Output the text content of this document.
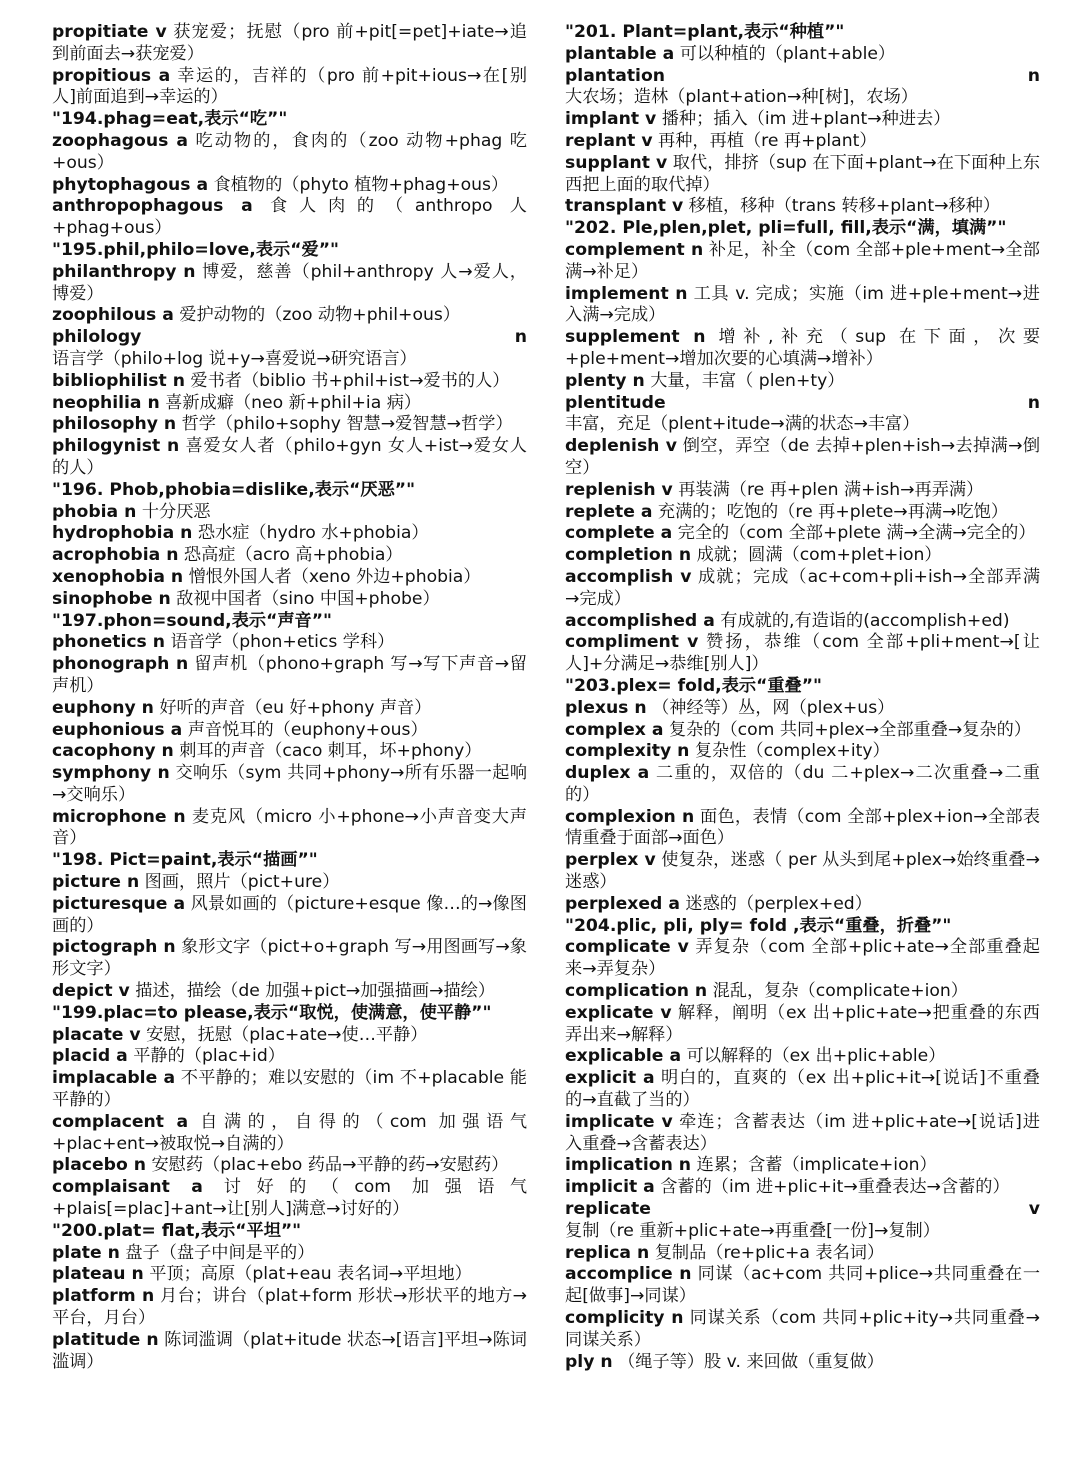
propitiate v 获宠爱；抚慰（pro 前+pit[=pet]+iate→追到前面去→获宠爱）

propitious a 幸运的，吉祥的（pro 前+pit+ious→在[别人]前面追到→幸运的）

"194.phag=eat,表示“吃”"

zoophagous a 吃动物的，食肉的（zoo 动物+phag 吃+ous）

phytophagous a 食植物的（phyto 植物+phag+ous）

anthropophagous a 食人肉的（anthropo 人+phag+ous）

"195.phil,philo=love,表示“爱”"

philanthropy n 博爱，慈善（phil+anthropy 人→爱人，博爱）

zoophilous a 爱护动物的（zoo 动物+phil+ous）

philology n 语言学（philo+log 说+y→喜爱说→研究语言）

bibliophilist n 爱书者（biblio 书+phil+ist→爱书的人）

neophilia n 喜新成癖（neo 新+phil+ia 病）

philosophy n 哲学（philo+sophy 智慧→爱智慧→哲学）

philogynist n 喜爱女人者（philo+gyn 女人+ist→爱女人的人）

"196. Phob,phobia=dislike,表示“厌恶”"

phobia n 十分厌恶

hydrophobia n 恐水症（hydro 水+phobia）

acrophobia n 恐高症（acro 高+phobia）

xenophobia n 憎恨外国人者（xeno 外边+phobia）

sinophobe n 敌视中国者（sino 中国+phobe）

"197.phon=sound,表示“声音”"

phonetics n 语音学（phon+etics 学科）

phonograph n 留声机（phono+graph 写→写下声音→留声机）

euphony n 好听的声音（eu 好+phony 声音）

euphonious a 声音悦耳的（euphony+ous）

cacophony n 刺耳的声音（caco 刺耳，坏+phony）

symphony n 交响乐（sym 共同+phony→所有乐器一起响→交响乐）

microphone n 麦克风（micro 小+phone→小声音变大声音）

"198. Pict=paint,表示“描画”"

picture n 图画，照片（pict+ure）

picturesque a 风景如画的（picture+esque 像…的→像图画的）

pictograph n 象形文字（pict+o+graph 写→用图画写→象形文字）

depict v 描述，描绘（de 加强+pict→加强描画→描绘）

"199.plac=to please,表示“取悦，使满意，使平静”"

placate v 安慰，抚慰（plac+ate→使…平静）

placid a 平静的（plac+id）

implacable a 不平静的；难以安慰的（im 不+placable 能平静的）

complacent a 自满的，自得的（com 加强语气+plac+ent→被取悦→自满的）

placebo n 安慰药（plac+ebo 药品→平静的药→安慰药）

complaisant a 讨好的（com 加强语气+plais[=plac]+ant→让[别人]满意→讨好的）

"200.plat= flat,表示“平坦”"

plate n 盘子（盘子中间是平的）

plateau n 平顶；高原（plat+eau 表名词→平坦地）

platform n 月台；讲台（plat+form 形状→形状平的地方→平台，月台）

platitude n 陈词滥调（plat+itude 状态→[语言]平坦→陈词滥调）

"201. Plant=plant,表示“种植”"

plantable a 可以种植的（plant+able）

plantation n 大农场；造林（plant+ation→种[树]，农场）

implant v 播种；插入（im 进+plant→种进去）

replant v 再种，再植（re 再+plant）

supplant v 取代，排挤（sup 在下面+plant→在下面种上东西把上面的取代掉）

transplant v 移植，移种（trans 转移+plant→移种）

"202. Ple,plen,plet, pli=full, fill,表示“满，填满”"

complement n 补足，补全（com 全部+ple+ment→全部满→补足）

implement n 工具 v. 完成；实施（im 进+ple+ment→进入满→完成）

supplement n 增补,补充（sup 在下面，次要+ple+ment→增加次要的心填满→增补）

plenty n 大量，丰富（ plen+ty）

plentitude n 丰富，充足（plent+itude→满的状态→丰富）

deplenish v 倒空，弄空（de 去掉+plen+ish→去掉满→倒空）

replenish v 再装满（re 再+plen 满+ish→再弄满）

replete a 充满的；吃饱的（re 再+plete→再满→吃饱）

complete a 完全的（com 全部+plete 满→全满→完全的）

completion n 成就；圆满（com+plet+ion）

accomplish v 成就；完成（ac+com+pli+ish→全部弄满→完成）

accomplished a 有成就的,有造诣的(accomplish+ed)

compliment v 赞扬，恭维（com 全部+pli+ment→[让人]+分满足→恭维[别人]）

"203.plex= fold,表示“重叠”"

plexus n （神经等）丛，网（plex+us）

complex a 复杂的（com 共同+plex→全部重叠→复杂的）

complexity n 复杂性（complex+ity）

duplex a 二重的，双倍的（du 二+plex→二次重叠→二重的）

complexion n 面色，表情（com 全部+plex+ion→全部表情重叠于面部→面色）

perplex v 使复杂，迷惑（ per 从头到尾+plex→始终重叠→迷惑）

perplexed a 迷惑的（perplex+ed）

"204.plic, pli, ply= fold ,表示“重叠，折叠”"

complicate v 弄复杂（com 全部+plic+ate→全部重叠起来→弄复杂）

complication n 混乱，复杂（complicate+ion）

explicate v 解释，阐明（ex 出+plic+ate→把重叠的东西弄出来→解释）

explicable a 可以解释的（ex 出+plic+able）

explicit a 明白的，直爽的（ex 出+plic+it→[说话]不重叠的→直截了当的）

implicate v 牵连；含蓄表达（im 进+plic+ate→[说话]进入重叠→含蓄表达）

implication n 连累；含蓄（implicate+ion）

implicit a 含蓄的（im 进+plic+it→重叠表达→含蓄的）

replicate v 复制（re 重新+plic+ate→再重叠[一份]→复制）

replica n 复制品（re+plic+a 表名词）

accomplice n 同谋（ac+com 共同+plice→共同重叠在一起[做事]→同谋）

complicity n 同谋关系（com 共同+plic+ity→共同重叠→同谋关系）

ply n （绳子等）股 v. 来回做（重复做）
